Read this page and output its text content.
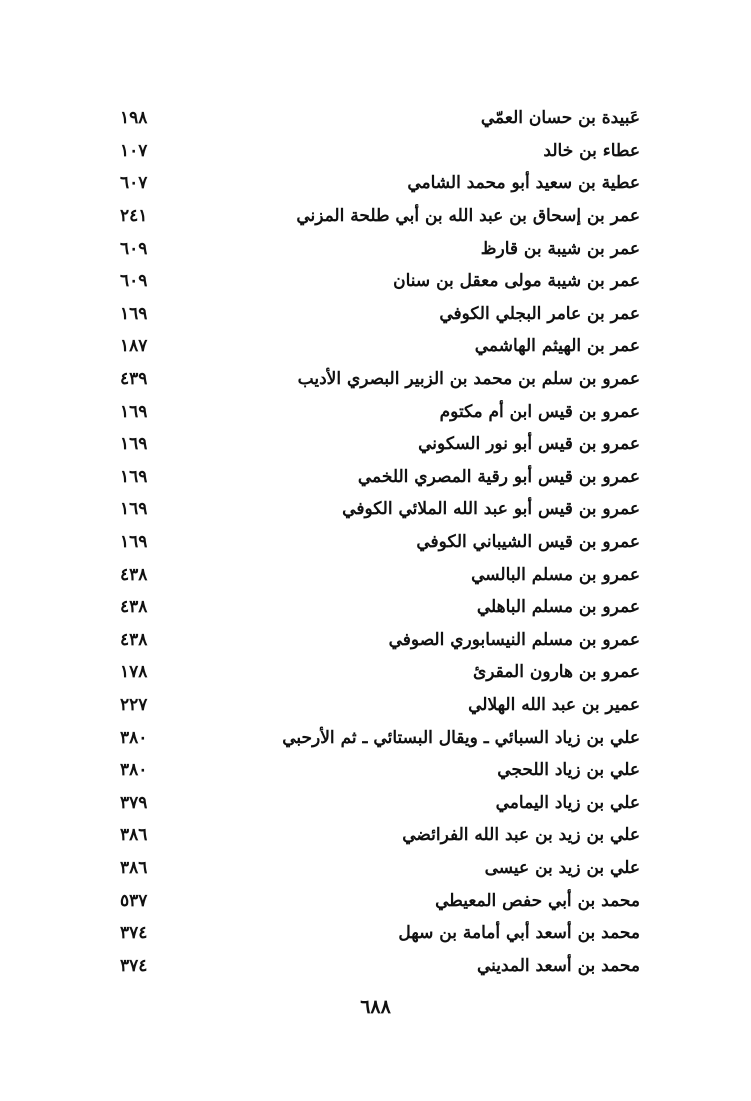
١٩٨	عَبيدة بن حسان العمّي
١٠٧	عطاء بن خالد
٦٠٧	عطية بن سعيد أبو محمد الشامي
٢٤١	عمر بن إسحاق بن عبد الله بن أبي طلحة المزني
٦٠٩	عمر بن شيبة بن قارظ
٦٠٩	عمر بن شيبة مولى معقل بن سنان
١٦٩	عمر بن عامر البجلي الكوفي
١٨٧	عمر بن الهيثم الهاشمي
٤٣٩	عمرو بن سلم بن محمد بن الزبير البصري الأديب
١٦٩	عمرو بن قيس ابن أم مكتوم
١٦٩	عمرو بن قيس أبو نور السكوني
١٦٩	عمرو بن قيس أبو رقية المصري اللخمي
١٦٩	عمرو بن قيس أبو عبد الله الملائي الكوفي
١٦٩	عمرو بن قيس الشيباني الكوفي
٤٣٨	عمرو بن مسلم البالسي
٤٣٨	عمرو بن مسلم الباهلي
٤٣٨	عمرو بن مسلم النيسابوري الصوفي
١٧٨	عمرو بن هارون المقرئ
٢٢٧	عمير بن عبد الله الهلالي
٣٨٠	علي بن زياد السبائي ـ ويقال البستائي ـ ثم الأرحبي
٣٨٠	علي بن زياد اللحجي
٣٧٩	علي بن زياد اليمامي
٣٨٦	علي بن زيد بن عبد الله الفرائضي
٣٨٦	علي بن زيد بن عيسى
٥٣٧	محمد بن أبي حفص المعيطي
٣٧٤	محمد بن أسعد أبي أمامة بن سهل
٣٧٤	محمد بن أسعد المديني
٦٨٨
